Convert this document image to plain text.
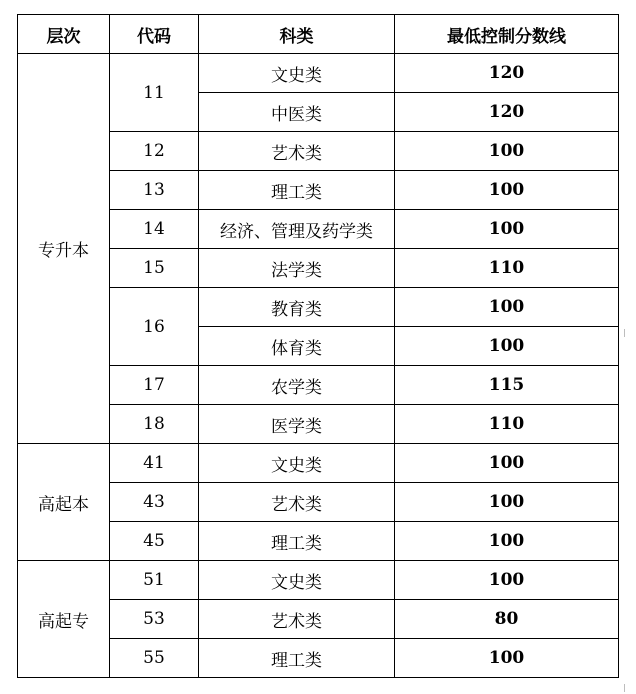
层次	代码	科类	最低控制分数线
专升本	11	文史类	120
		中医类	120
	12	艺术类	100
	13	理工类	100
	14	经济、管理及药学类	100
	15	法学类	110
	16	教育类	100
		体育类	100
	17	农学类	115
	18	医学类	110
高起本	41	文史类	100
	43	艺术类	100
	45	理工类	100
高起专	51	文史类	100
	53	艺术类	80
	55	理工类	100
